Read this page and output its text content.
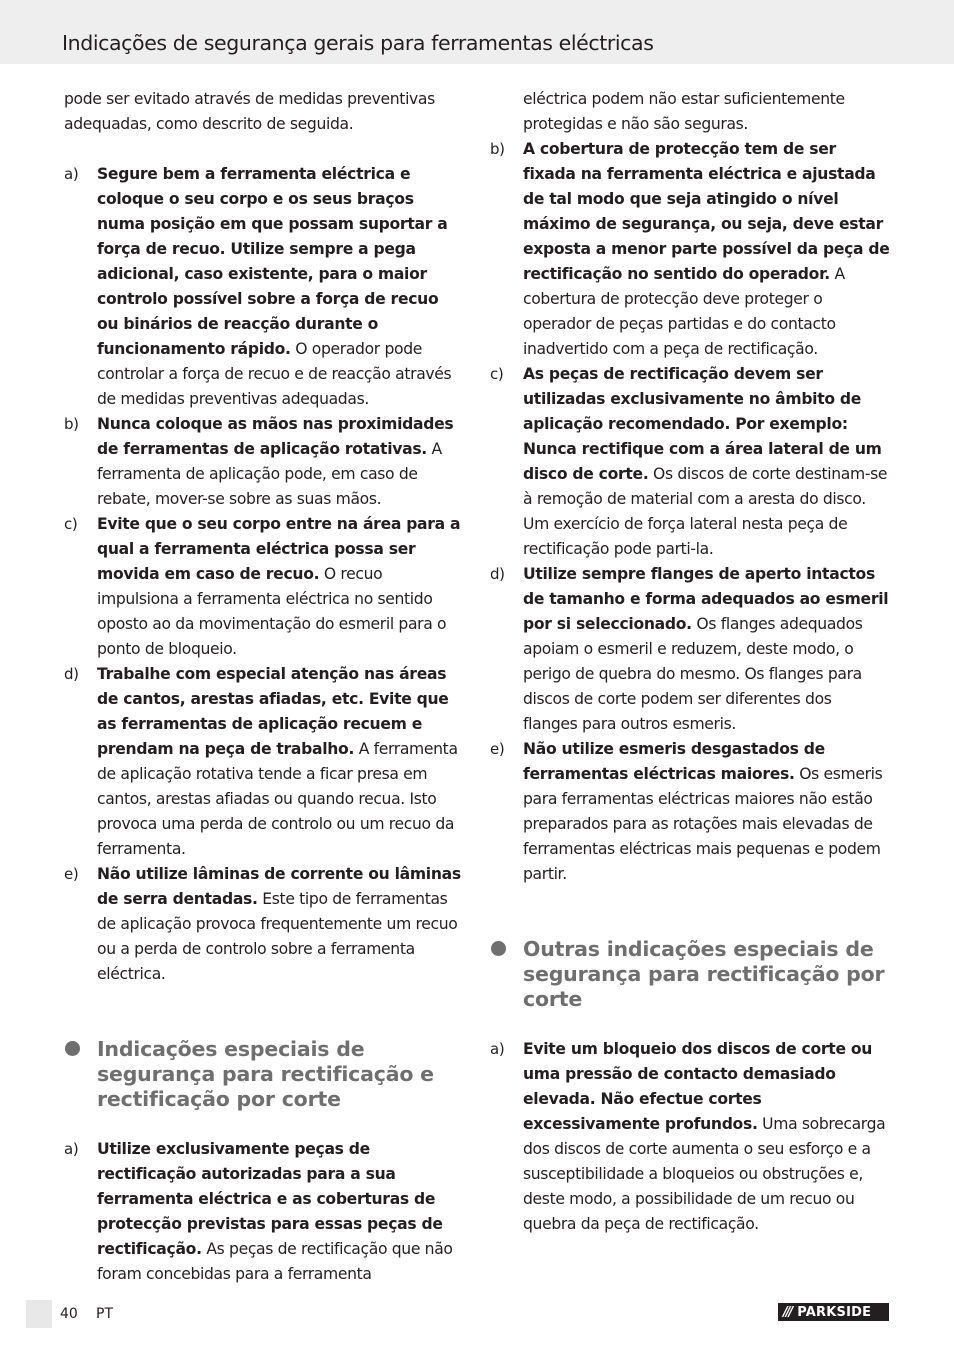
Indicações de segurança gerais para ferramentas eléctricas

pode ser evitado através de medidas preventivas adequadas, como descrito de seguida.

a)	Segure bem a ferramenta eléctrica e coloque o seu corpo e os seus braços numa posição em que possam suportar a força de recuo. Utilize sempre a pega adicional, caso existente, para o maior controlo possível sobre a força de recuo ou binários de reacção durante o funcionamento rápido. O operador pode controlar a força de recuo e de reacção através de medidas preventivas adequadas.
b)	Nunca coloque as mãos nas proximidades de ferramentas de aplicação rotativas. A ferramenta de aplicação pode, em caso de rebate, mover-se sobre as suas mãos.
c)	Evite que o seu corpo entre na área para a qual a ferramenta eléctrica possa ser movida em caso de recuo. O recuo impulsiona a ferramenta eléctrica no sentido oposto ao da movimentação do esmeril para o ponto de bloqueio.
d)	Trabalhe com especial atenção nas áreas de cantos, arestas afiadas, etc. Evite que as ferramentas de aplicação recuem e prendam na peça de trabalho. A ferramenta de aplicação rotativa tende a ficar presa em cantos, arestas afiadas ou quando recua. Isto provoca uma perda de controlo ou um recuo da ferramenta.
e)	Não utilize lâminas de corrente ou lâminas de serra dentadas. Este tipo de ferramentas de aplicação provoca frequentemente um recuo ou a perda de controlo sobre a ferramenta eléctrica.
Indicações especiais de segurança para rectificação e rectificação por corte
a)	Utilize exclusivamente peças de rectificação autorizadas para a sua ferramenta eléctrica e as coberturas de protecção previstas para essas peças de rectificação. As peças de rectificação que não foram concebidas para a ferramenta

eléctrica podem não estar suficientemente protegidas e não são seguras.

b)	A cobertura de protecção tem de ser fixada na ferramenta eléctrica e ajustada de tal modo que seja atingido o nível máximo de segurança, ou seja, deve estar exposta a menor parte possível da peça de rectificação no sentido do operador. A cobertura de protecção deve proteger o operador de peças partidas e do contacto inadvertido com a peça de rectificação.
c)	As peças de rectificação devem ser utilizadas exclusivamente no âmbito de aplicação recomendado. Por exemplo: Nunca rectifique com a área lateral de um disco de corte. Os discos de corte destinam-se à remoção de material com a aresta do disco. Um exercício de força lateral nesta peça de rectificação pode parti-la.
d)	Utilize sempre flanges de aperto intactos de tamanho e forma adequados ao esmeril por si seleccionado. Os flanges adequados apoiam o esmeril e reduzem, deste modo, o perigo de quebra do mesmo. Os flanges para discos de corte podem ser diferentes dos flanges para outros esmeris.
e)	Não utilize esmeris desgastados de ferramentas eléctricas maiores. Os esmeris para ferramentas eléctricas maiores não estão preparados para as rotações mais elevadas de ferramentas eléctricas mais pequenas e podem partir.
Outras indicações especiais de segurança para rectificação por corte
a)	Evite um bloqueio dos discos de corte ou uma pressão de contacto demasiado elevada. Não efectue cortes excessivamente profundos. Uma sobrecarga dos discos de corte aumenta o seu esforço e a susceptibilidade a bloqueios ou obstruções e, deste modo, a possibilidade de um recuo ou quebra da peça de rectificação.
40 PT	/// PARKSIDE
